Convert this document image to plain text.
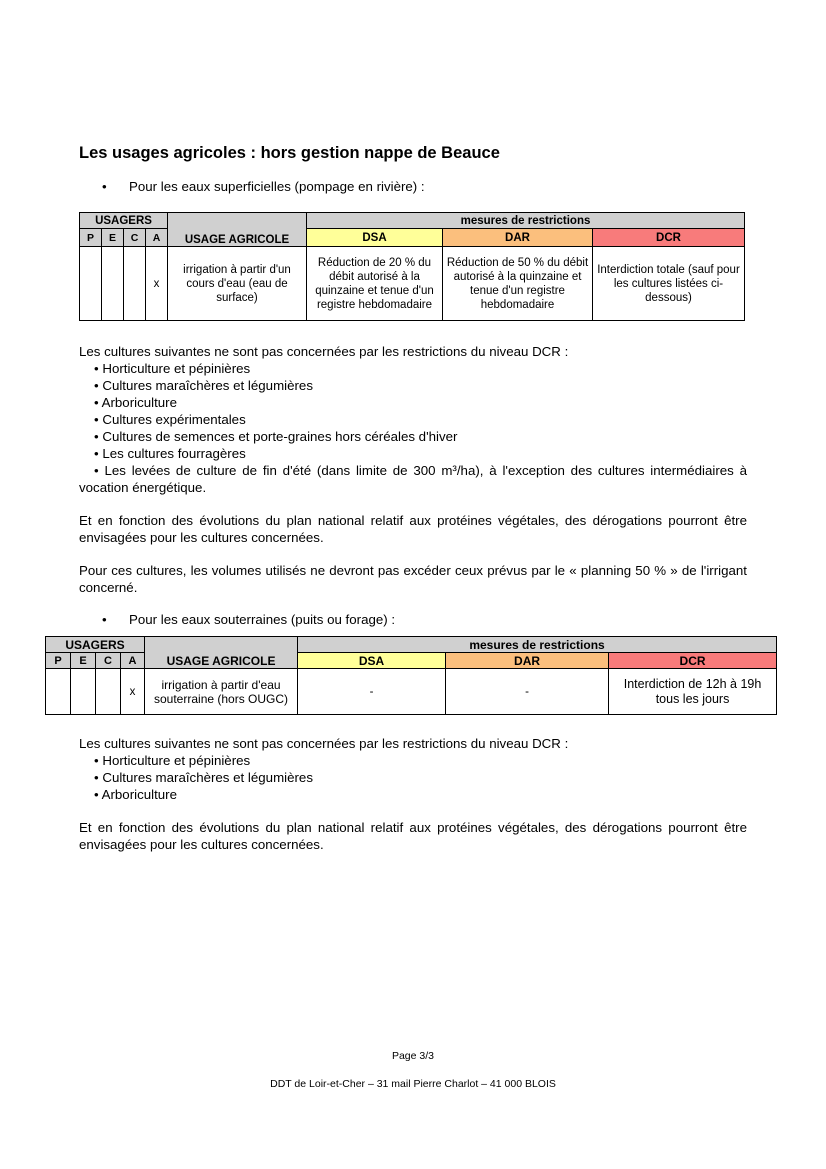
Les usages agricoles : hors gestion nappe de Beauce
• Pour les eaux superficielles (pompage en rivière) :
USAGERS				USAGE AGRICOLE	mesures de restrictions		
P	E	C	A		DSA	DAR	DCR
			x	irrigation à partir d'un cours d'eau (eau de surface)	Réduction de 20 % du débit autorisé à la quinzaine et tenue d'un registre hebdomadaire	Réduction de 50 % du débit autorisé à la quinzaine et tenue d'un registre hebdomadaire	Interdiction totale (sauf pour les cultures listées ci-dessous)
Les cultures suivantes ne sont pas concernées par les restrictions du niveau DCR :
• Horticulture et pépinières
• Cultures maraîchères et légumières
• Arboriculture
• Cultures expérimentales
• Cultures de semences et porte-graines hors céréales d'hiver
• Les cultures fourragères
• Les levées de culture de fin d'été (dans limite de 300 m³/ha), à l'exception des cultures intermédiaires à vocation énergétique.
Et en fonction des évolutions du plan national relatif aux protéines végétales, des dérogations pourront être envisagées pour les cultures concernées.
Pour ces cultures, les volumes utilisés ne devront pas excéder ceux prévus par le « planning 50 % » de l'irrigant concerné.
• Pour les eaux souterraines (puits ou forage) :
USAGERS				USAGE AGRICOLE	mesures de restrictions		
P	E	C	A		DSA	DAR	DCR
			x	irrigation à partir d'eau souterraine (hors OUGC)	-	-	Interdiction de 12h à 19h tous les jours
Les cultures suivantes ne sont pas concernées par les restrictions du niveau DCR :
• Horticulture et pépinières
• Cultures maraîchères et légumières
• Arboriculture
Et en fonction des évolutions du plan national relatif aux protéines végétales, des dérogations pourront être envisagées pour les cultures concernées.
Page 3/3
DDT de Loir-et-Cher – 31 mail Pierre Charlot – 41 000 BLOIS
